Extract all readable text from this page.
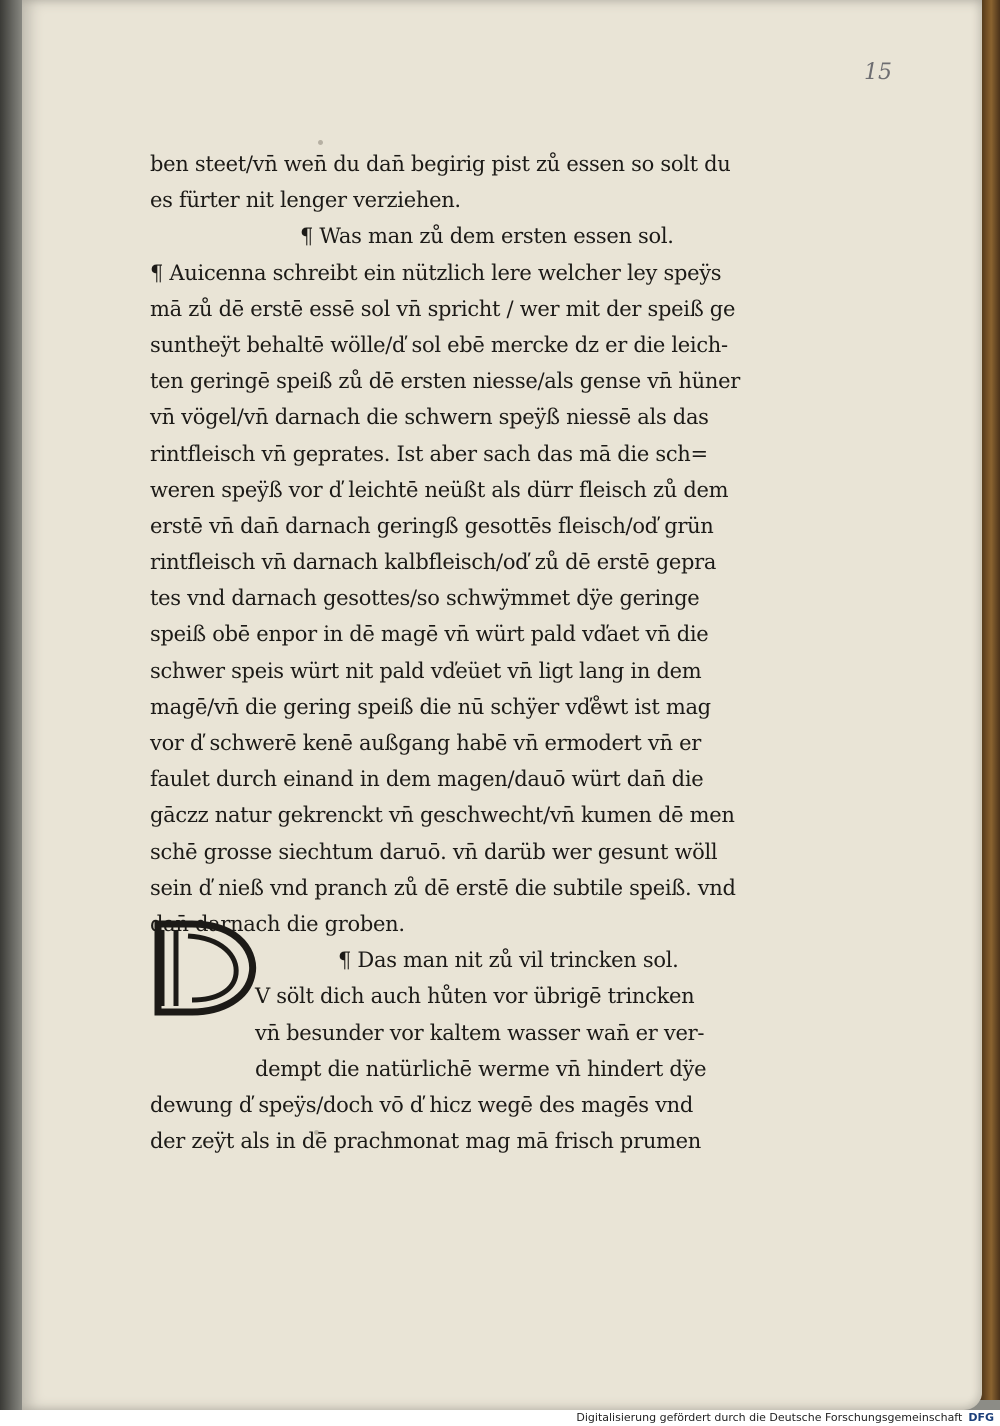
15
ben steet/vn̄ wen̄ du dan̄ begirig pist zů essen so solt du
es fürter nit lenger verziehen.
¶ Was man zů dem ersten essen sol.
¶ Auicenna schreibt ein nützlich lere welcher ley speÿs
mā zů dē erstē essē sol vn̄ spricht / wer mit der speiß ge
suntheÿt behaltē wölle/ď sol ebē mercke dz er die leich-
ten geringē speiß zů dē ersten niesse/als gense vn̄ hüner
vn̄ vögel/vn̄ darnach die schwern speÿß niessē als das
rintfleisch vn̄ geprates. Ist aber sach das mā die sch=
weren speÿß vor ď leichtē neüßt als dürr fleisch zů dem
erstē vn̄ dan̄ darnach geringß gesottēs fleisch/oď grün
rintfleisch vn̄ darnach kalbfleisch/oď zů dē erstē gepra
tes vnd darnach gesottes/so schwÿmmet dÿe geringe
speiß obē enpor in dē magē vn̄ würt pald vďaet vn̄ die
schwer speis würt nit pald vďeüet vn̄ ligt lang in dem
magē/vn̄ die gering speiß die nū schÿer vďe̊wt ist mag
vor ď schwerē kenē außgang habē vn̄ ermodert vn̄ er
faulet durch einand in dem magen/dauō würt dan̄ die
gāczz natur gekrenckt vn̄ geschwecht/vn̄ kumen dē men
schē grosse siechtum daruō. vn̄ darüb wer gesunt wöll
sein ď nieß vnd pranch zů dē erstē die subtile speiß. vnd
dan̄ darnach die groben.
¶ Das man nit zů vil trincken sol.
V sölt dich auch hůten vor übrigē trincken
vn̄ besunder vor kaltem wasser wan̄ er ver-
dempt die natürlichē werme vn̄ hindert dÿe
dewung ď speÿs/doch vō ď hicz wegē des magēs vnd
der zeÿt als in dē prachmonat mag mā frisch prumen
Digitalisierung gefördert durch die Deutsche Forschungsgemeinschaft DFG
